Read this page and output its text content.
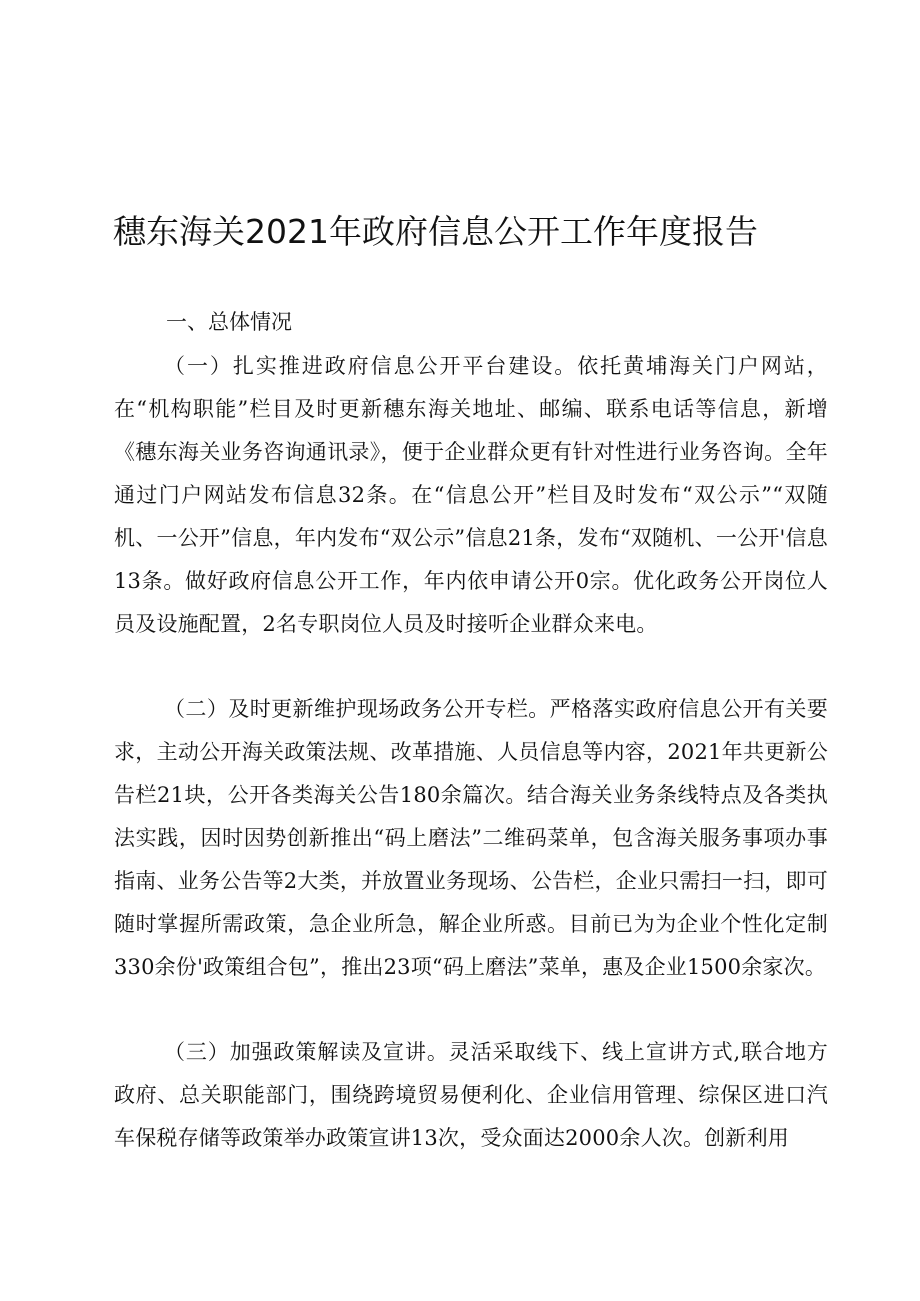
穗东海关2021年政府信息公开工作年度报告
一、总体情况

（一）扎实推进政府信息公开平台建设。依托黄埔海关门户网站，在“机构职能”栏目及时更新穗东海关地址、邮编、联系电话等信息，新增《穗东海关业务咨询通讯录》，便于企业群众更有针对性进行业务咨询。全年通过门户网站发布信息32条。在“信息公开”栏目及时发布“双公示”“双随机、一公开”信息，年内发布“双公示”信息21条，发布“双随机、一公开'信息13条。做好政府信息公开工作，年内依申请公开0宗。优化政务公开岗位人员及设施配置，2名专职岗位人员及时接听企业群众来电。

（二）及时更新维护现场政务公开专栏。严格落实政府信息公开有关要求，主动公开海关政策法规、改革措施、人员信息等内容，2021年共更新公告栏21块，公开各类海关公告180余篇次。结合海关业务条线特点及各类执法实践，因时因势创新推出“码上磨法”二维码菜单，包含海关服务事项办事指南、业务公告等2大类，并放置业务现场、公告栏，企业只需扫一扫，即可随时掌握所需政策，急企业所急，解企业所惑。目前已为为企业个性化定制330余份'政策组合包”，推出23项“码上磨法”菜单，惠及企业1500余家次。

（三）加强政策解读及宣讲。灵活采取线下、线上宣讲方式,联合地方政府、总关职能部门，围绕跨境贸易便利化、企业信用管理、综保区进口汽车保税存储等政策举办政策宣讲13次，受众面达2000余人次。创新利用
